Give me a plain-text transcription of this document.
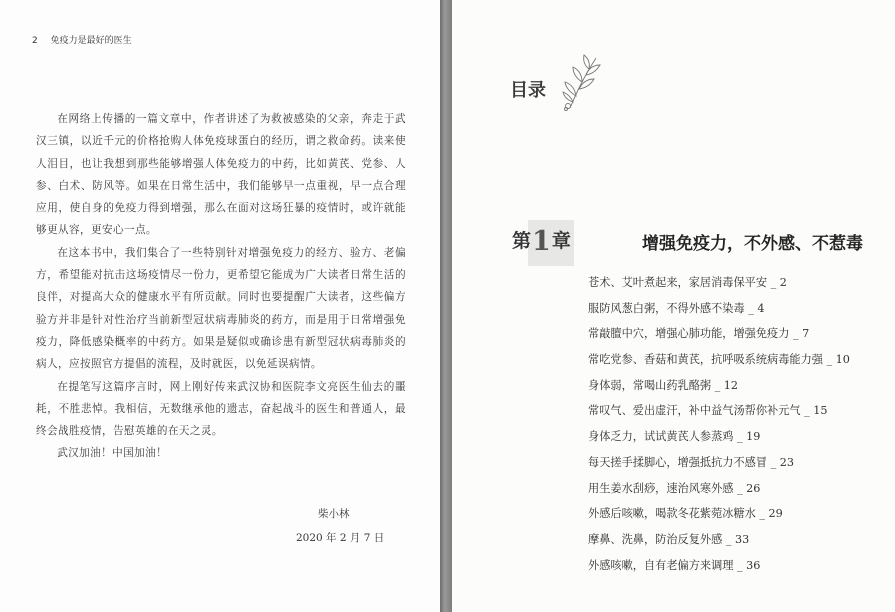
2 免疫力是最好的医生

在网络上传播的一篇文章中，作者讲述了为救被感染的父亲，奔走于武汉三镇，以近千元的价格抢购人体免疫球蛋白的经历，谓之救命药。读来使人泪目，也让我想到那些能够增强人体免疫力的中药，比如黄芪、党参、人参、白术、防风等。如果在日常生活中，我们能够早一点重视，早一点合理应用，使自身的免疫力得到增强，那么在面对这场狂暴的疫情时，或许就能够更从容，更安心一点。

在这本书中，我们集合了一些特别针对增强免疫力的经方、验方、老偏方，希望能对抗击这场疫情尽一份力，更希望它能成为广大读者日常生活的良伴，对提高大众的健康水平有所贡献。同时也要提醒广大读者，这些偏方验方并非是针对性治疗当前新型冠状病毒肺炎的药方，而是用于日常增强免疫力，降低感染概率的中药方。如果是疑似或确诊患有新型冠状病毒肺炎的病人，应按照官方提倡的流程，及时就医，以免延误病情。

在提笔写这篇序言时，网上刚好传来武汉协和医院李文亮医生仙去的噩耗，不胜悲悼。我相信，无数继承他的遗志，奋起战斗的医生和普通人，最终会战胜疫情，告慰英雄的在天之灵。

武汉加油！中国加油！

柴小林
2020 年 2 月 7 日
目录
第1章	增强免疫力，不外感、不惹毒
苍术、艾叶煮起来，家居消毒保平安 _ 2
服防风葱白粥，不得外感不染毒 _ 4
常敲膻中穴，增强心肺功能，增强免疫力 _ 7
常吃党参、香菇和黄芪，抗呼吸系统病毒能力强 _ 10
身体弱，常喝山药乳酪粥 _ 12
常叹气、爱出虚汗，补中益气汤帮你补元气 _ 15
身体乏力，试试黄芪人参蒸鸡 _ 19
每天搓手揉脚心，增强抵抗力不感冒 _ 23
用生姜水刮痧，速治风寒外感 _ 26
外感后咳嗽，喝款冬花紫菀冰糖水 _ 29
摩鼻、洗鼻，防治反复外感 _ 33
外感咳嗽，自有老偏方来调理 _ 36
